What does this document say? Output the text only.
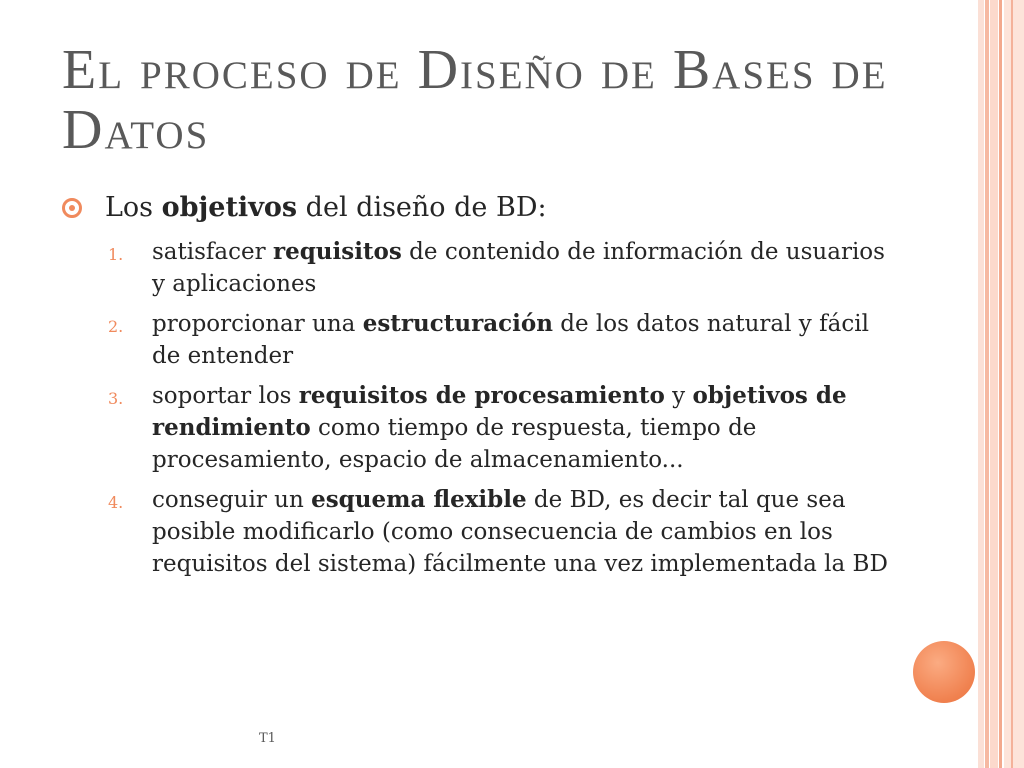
El proceso de Diseño de Bases de Datos
Los objetivos del diseño de BD:
1. satisfacer requisitos de contenido de información de usuarios y aplicaciones
2. proporcionar una estructuración de los datos natural y fácil de entender
3. soportar los requisitos de procesamiento y objetivos de rendimiento como tiempo de respuesta, tiempo de procesamiento, espacio de almacenamiento...
4. conseguir un esquema flexible de BD, es decir tal que sea posible modificarlo (como consecuencia de cambios en los requisitos del sistema) fácilmente una vez implementada la BD
T1
